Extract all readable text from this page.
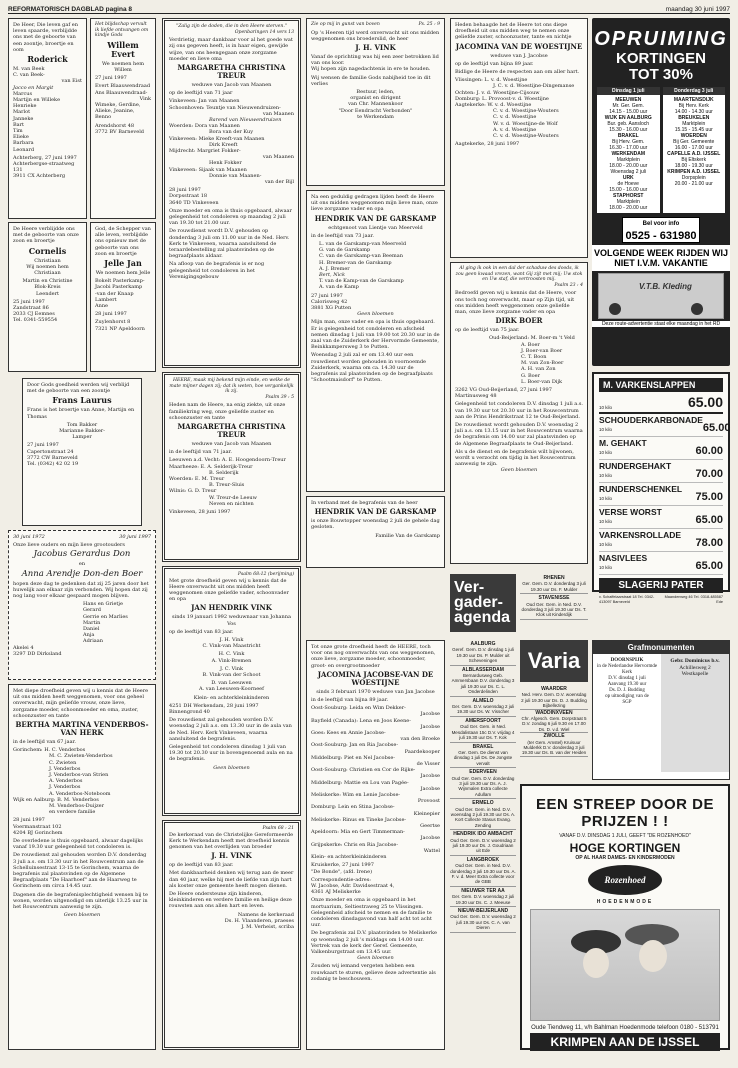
REFORMATORISCH DAGBLAD pagina 8	maandag 30 juni 1997
De Heer, Die leven gaf en leven spaarde, verblijdde ons met de geboorte van een zoontje, broertje en oom
Roderick
M. van Beek
C. van Beek-
van Eist
Jacco en Margit
Marcus
Martijn en Willeke
Henrieke
Marlot
Janneke
Bart
Tim
Elieke
Barbara
Leonard
Achterberg, 27 juni 1997
Achterbergse-straatweg 131
3911 CX Achterberg
Het blijdschap vervult ik liefde ontvangen om kindje Gods
Willem Evert
We noemen hem Willem
27 juni 1997
Evert Blaauwendraad
Ans Blaauwendraad-
Vink
Wimeke, Gerdine,
Alieke, Jeanine,
Benno
Arendshorst 48
3772 BV Barneveld
De Heere verblijdde ons met de geboorte van onze zoon en broertje
Cornelis
Christiaan
Wij noemen hem Christiaan
Martin en Christine
Blok-Kreis
Leendert
25 juni 1997
Zandstraat 86
2033 CJ Eemnes
Tel. 0341-559554
God, de Schepper van alle leven, verblijdde ons opnieuw met de geboorte van ons zoon en broertje
Jelle Jan
We noemen hem Jelle
Bokelt Pasterkamp-
Jacobi Pasterkamp
-van der Knaap
Lambert
Anne
28 juni 1997
Zuylenhorst 8
7321 NP Apeldoorn
Door Gods goedheid werden wij verblijd met de geboorte van een zoontje
Frans Laurus
Frans is het broertje van Anne, Martijn en Thomas
Tom Bakker
Marianne Bakker-
Lamper
27 juni 1997
Capertonstraat 24
3772 CW Barneveld
Tel. (0342) 42 02 19
30 juni 1972	30 juni 1997
Onze lieve ouders en mijn lieve grootouders
Jacobus Gerardus Don
en
Anna Arendje Don-den Boer
hopen deze dag te gedenken dat zij 25 jaren door het huwelijk aan elkaar zijn verbonden. Wij hopen dat zij nog lang voor elkaar gespaard mogen blijven.
Hans en Grietje
Gerard
Gerrie en Marlies
Martin
Daniel
Anja
Adriaan
Akelei 4
3297 DD Dirksland
Met diepe droefheid geven wij u kennis dat de Heere uit ons midden heeft weggenomen, voor ons geheel onverwacht, mijn geliefde vrouw, onze lieve, zorgzame moeder, schoonmoeder en oma, zuster, schoonzuster en tante
BERTHA MARTINA VENDERBOS-VAN HERK
in de leeftijd van 67 jaar.
Gorinchem: H. C. Venderbos
M. C. Zwieten-Venderbos
C. Zwieten
J. Venderbos
J. Venderbos-van Strien
A. Venderbos
J. Venderbos
A. Venderbos-Noteboom
Wijk en Aalburg: B. M. Venderbos
M. Venderbos-Duijzer
en verdere familie
28 juni 1997
Voermanstraat 102
4204 BJ Gorinchem
De overledene is thuis opgebaard, alwaar dagelijks vanaf 19.30 uur gelegenheid tot condoleren is.
De rouwdienst zal gehouden worden D.V. donderdag 3 juli a.s. om 13.30 uur in het Rouwcentrum aan de Schelluinsestraat 13-15 te Gorinchem, waarna de begrafenis zal plaatsvinden op de Algemene Begraafplaats "De Haarhoef" aan de Haarweg te Gorinchem om circa 14.45 uur.
Dagenen die de begrafenisplechtigheid wensen bij te wonen, worden uitgenodigd om uiterlijk 13.25 uur in het Rouwcentrum aanwezig te zijn.
Geen bloemen
"Zalig zijn de doden, die in den Heere sterven."
Openbaringen 14 vers 13
Verdrietig, maar dankbaar voor al het goede wat zij ons gegeven heeft, is in haar eigen, gewijde wijze, van ons heengegaan onze zorgzame moeder en lieve oma
MARGARETHA CHRISTINA TREUR
weduwe van Jacob van Maanen
op de leeftijd van 71 jaar
Vinkeveen: Jan van Maanen
Schoonhoven: Teuntje van Nieuwendruizen-
van Maanen
Barend van Nieuwendruizen
Woerden: Dora van Maanen
Bora van der Kuy
Vinkeveen: Mieke Kreeft-van Maanen
Dirk Kreeft
Mijdrecht: Margriet Fokker-
van Maanen
Henk Fokker
Vinkeveen: Sijaak van Maanen
Donnie van Maanen-
van der Bijl
28 juni 1997
Dorpsstraat 18
3640 TD Vinkeveen
Onze moeder en oma is thuis opgebaard, alwaar gelegenheid tot condoleren op maandag 2 juli van 19.30 tot 21.00 uur.
De rouwdienst wordt D.V. gehouden op donderdag 3 juli om 11.00 uur in de Ned. Herv. Kerk te Vinkeveen, waarna aansluitend de teraardebestelling zal plaatsvinden op de begraafplaats aldaar.
Na afloop van de begrafenis is er nog gelegenheid tot condoleren in het Verenigingsgebouw
HEERE, maak mij bekend mijn einde, en welke de mate mijner dagen zij; dat ik weten, hoe vergankelijk ik zij.
Psalm 39 : 5
Heden nam de Heere, na enig ziekte, uit onze familiekring weg, onze geliefde zuster en schoonzuster en tante
MARGARETHA CHRISTINA TREUR
weduwe van Jacob van Maanen
in de leeftijd van 71 jaar.
Leeuwen a.d. Vecht: A. E. Hoogendoorn-Treur
Maarheeze: E. A. Selderijk-Treur
B. Selderijk
Woerden: E. M. Treur
B. Treur-Sluis
Wilnis: G. D. Treur
W. Treur-de Leeuw
Neven en nichten
Vinkeveen, 28 juni 1997
Psalm 68:12 (berijming)
Met grote droefheid geven wij u kennis dat de Heere onverwacht uit ons midden heeft weggenomen onze geliefde vader, schoonvader en opa
JAN HENDRIK VINK
sinds 19 januari 1992 weduwnaar van Johanna Vos
op de leeftijd van 83 jaar.
J. H. Vink
C. Vink-van Maastricht
H. C. Vink
A. Vink-Bremen
J. C. Vink
B. Vink-van der Schoot
D. van Leeuwen
A. van Leeuwen-Koorneef
Klein- en achterkleinkinderen
4251 DH Werkendam, 28 juni 1997
Binnengrond 40
De rouwdienst zal gehouden worden D.V. woensdag 2 juli a.s. om 13.30 uur in de aula van de Ned. Herv. Kerk Vinkeveen, waarna aansluitend de begrafenis.
Gelegenheid tot condoleren dinsdag 1 juli van 19.30 tot 20.30 uur in bovengenoemd aula en na de begrafenis.
Geen bloemen
Psalm 68 : 21
De kerkeraad van de Christelijke Gereformeerde Kerk te Werkendam heeft met droefheid kennis genomen van het overlijden van broeder
J. H. VINK
op de leeftijd van 83 jaar.
Met dankbaarheid denken wij terug aan de meer dan 40 jaar, welke hij met de liefde van zijn hart als koster onze gemeente heeft mogen dienen.
De Heere ondersteune zijn kinderen, kleinkinderen en verdere familie en heilige deze rouwsten aan ons allen hart en leven.
Namens de kerkeraad
Ds. H. Vlaanderen, praeses
J. M. Verheist, scriba
Zie op mij in gunst van boven	Ps. 25 : 9
Op 's Heeren tijd werd onverwacht uit ons midden weggenomen ons broederslid, de heer
J. H. VINK
Vanaf de oprichting was hij een zeer betrokken lid van ons koor.
Wij hopen zijn nagedachtenis in ere te houden.
Wij wensen de familie Gods nabijheid toe in dit verlies
Bestuur, leden,
organist en dirigent
van Chr. Mannenkoor
"Door Eendracht Verbonden"
te Werkendam
Na een geduldig gedragen lijden heeft de Heere uit ons midden weggenomen mijn lieve man, onze lieve zorgzame vader en opa
HENDRIK VAN DE GARSKAMP
echtgenoot van Lientje van Meerveld
in de leeftijd van 73 jaar.
L. van de Garskamp-van Meerveld
G. van de Garskamp
C. van de Garskamp-van Beeman
H. Bremer-van de Garskamp
A. J. Bremer
Bert, Nick
T. van de Kamp-van de Garskamp
A. van de Kamp
27 juni 1997
Calorisweg 42
3881 XG Putten
Geen bloemen
Mijn man, onze vader en opa is thuis opgebaard. Er is gelegenheid tot condoleren en afscheid nemen dinsdag 1 juli van 19.00 tot 20.30 uur in de zaal van de Zuiderkerk der Hervormde Gemeente, Beinkkampersweg 3 te Putten.
Woensdag 2 juli zal er om 13.40 uur een rouwdienst worden gehouden in voornoemde Zuiderkerk, waarna om ca. 14.30 uur de begrafenis zal plaatsvinden op de begraafplaats "Schootmaisdorf" te Putten.
In verband met de begrafenis van de heer
HENDRIK VAN DE GARSKAMP
is onze Bouwtopper woensdag 2 juli de gehele dag gesloten.
Familie Van de Garskamp
Tot onze grote droefheid heeft de HEERE, toch voor ons nog onverwachts van ons weggenomen, onze lieve, zorgzame moeder, schoonmoeder, groot- en overgrootmoeder
JACOMINA JACOBSE-VAN DE WOESTIJNE
sinds 3 februari 1970 weduwe van Jan Jacobse
in de leeftijd van bijna 89 jaar.
Oost-Souburg: Leida en Wim Dekker-
Jacobse
Bayfield (Canada): Lena en Joos Keene-
Jacobse
Goes: Kees en Annie Jacobse-
van den Broeke
Oost-Souburg: Jan en Ria Jacobse-
Paardekooper
Middelburg: Piet en Nel Jacobse-
de Visser
Oost-Souburg: Christien en Cor de Rijke-
Jacobse
Middelburg: Mattie en Lou van Pagée-
Jacobse
Meliskerke: Wim en Lenie Jacobse-
Provoost
Domburg: Lein en Stina Jacobse-
Kleinepier
Meliskerke: Rinus en Tineke Jacobse-
Geertse
Apeldoorn: Mia en Gert Timmerman-
Jacobse
Grijpskerke: Chris en Ria Jacobse-
Wattel
Klein- en achterkleinkinderen
Kruiskerke, 27 juni 1997
"De Bonde", (afd. Irene)
Correspondentie-adres:
W. Jacobse, Adr. Davidsestraat 4,
4361 AJ Meliskerke
Onze moeder en oma is opgebaard in het mortuarium, Seltiestraweg 25 te Vlissingen. Gelegenheid afscheid te nemen en de familie te condoleren dinsdagavond van half acht tot acht uur.
De begrafenis zal D.V. plaatsvinden te Meliskerke op woensdag 2 juli 's middags om 14.00 uur. Vertrek van de kerk der Geref. Gemeente, Valkenburgstraat om 13.45 uur.
Geen bloemen
Zouden wij iemand vergeten hebben een rouwkaart te sturen, gelieve deze advertentie als zodanig te beschouwen.
Heden behaagde het de Heere tot ons diepe droefheid uit ons midden weg te nemen onze geliefde zuster, schoonzuster, tante en nichtje
JACOMINA VAN DE WOESTIJNE
weduwe van J. Jacobse
op de leeftijd van bijna 89 jaar.
Bidlige de Heere de respecten aan om aller hart.
Vlissingen: L. v. d. Woestijne
J. C. v. d. Woestijne-Dingemanse
Ochten: J. v. d. Woestijne-Cijsouw
Domburg: L. Provoost-v. d. Woestijne
Aagtekerke: W. v. d. Woestijne
C. v. d. Woestijne-Wouters
C. v. d. Woestijne
W. v. d. Woestijne-de Wolf
A. v. d. Woestijne
C. v. d. Woestijne-Wouters
Aagtekerke, 28 juni 1997
Al ging ik ook in een dal der schaduw des doods, ik zou geen kwaad vrezen, want Gij zijt met mij; Uw stok en Uw staf, die vertroosten mij.
Psalm 23 : 4
Bedroefd geven wij u kennis dat de Heere, voor ons toch nog onverwacht, maar op Zijn tijd, uit ons midden heeft weggenomen onze geliefde man, onze lieve zorgzame vader en opa
DIRK BOER
op de leeftijd van 75 jaar.
Oud-Beijerland: M. Boer-m 't Veld
A. Boer
J. Boer-van Boer
C. T. Boon
M. van Zon-Boer
A. H. van Zon
G. Boer
L. Boer-van Dijk
3262 VG Oud-Beijerland, 27 juni 1997
Martinuswеg 48
Gelegenheid tot condoleren D.V. dinsdag 1 juli a.s. van 19.30 uur tot 20.30 uur in het Rouwcentrum aan de Prins Hendrikstraat 12 te Oud-Beijerland.
De rouwdienst wordt gehouden D.V. woensdag 2 juli a.s. om 13.15 uur in het Rouwcentrum waarna de begrafenis om 14.00 uur zal plaatsvinden op de Algemene Begraafplaats te Oud-Beijerland.
Als u de dienst en de begrafenis wilt bijwonen, wordt u verzocht om tijdig in het Rouwcentrum aanwezig te zijn.
Geen bloemen
Ver-
gader-
agenda
RHENEN
Ger. Gem. D.V. donderdag 3 juli 19.30 uur Ds. F. Mulder
STAVENISSE
Oud Ger. Gem. in Ned. D.V. donderdag 3 juli 19.30 uur Ds. T. Klok uit Kinderdijk
AALBURG
Geref. Gem. D.V. dinsdag 1 juli 19.30 uur Ds. P. Mulder uit Scheveningen
ALBLASSERDAM
Bernardusweg Geb. Ammersbaan D.V. donderdag 3 juli 19.30 uur Ds. C. L. Onderdelinden
ALMELO
Ger. Gem. D.V. woensdag 2 juli 19.30 uur Ds. W. Visscher
AMERSFOORT
Oud Ger. Gem. in Ned. Mesdalistaan 15c D.V. vrijdag 4 juli 19.30 uur Ds. T. Kok
BRAKEL
Ger. Gem. De dienst van dinsdag 1 juli Ds. De Jongste vervalt
EDERVEEN
Oud Ger. Gem. D.V. donderdag 3 juli 19.30 uur Ds. A. J. Wijnmalen Extra collecte Adullam
ERMELO
Oud Ger. Gem. in Ned. D.V. woensdag 2 juli 19.30 uur Ds. A. Kort Collecte Stasus Evang. Zending
HENDRIK IDO AMBACHT
Oud Ger. Gem. D.V. woensdag 2 juli 19.30 uur Ds. J. Goudriaan uit Ede
LANGBROEK
Oud Ger. Gem. in Ned. D.V. donderdag 3 juli 19.30 uur Ds. A. F. v. d. Meer Extra collecte voor de GBB
NIEUWER TER AA
Ger. Gem. D.V. woensdag 2 juli 19.30 uur Ds. C. J. Meeuse
NIEUW-BEIJERLAND
Oud Ger. Gem. D.V. woensdag 2 juli 19.30 uur Ds. C. A. van Dieren
Varia
WAARDER
Ned. Herv. Gem. D.V. woensdag 2 juli 19.30 uur Ds. D. J. Budding Bijbellezing
WADDINXVEEN
Chr. Afgesch. Gem. Dorpstraat 5 D.V. zondag 6 juli 9.30 en 17.00 Ds. D. v.d. Wiel
ZWOLLE
(ter Gem. Amstel) Kruisuur Mulderkk D.V. donderdag 3 juli 19.30 uur Ds. B. van der Heiden
OPRUIMING
KORTINGEN
TOT 30%
Dinsdag 1 juli
MEEUWEN
Mr. Ger. Gem.
14.15 - 15.00 uur
WIJK EN AALBURG
Bur. geb. Aansloch
15.30 - 16.00 uur
BRAKEL
Bij Herv. Gem.
16.30 - 17.00 uur
WERKENDAM
Marktplein
18.00 - 20.00 uur
Woensdag 2 juli
URK
de Hoeve
15.00 - 16.00 uur
STAPHORST
Marktplein
18.00 - 20.00 uur
Donderdag 3 juli
MAARTENSDIJK
Bij Herv. Kerk
14.00 - 14.30 uur
BREUKELEN
Marktplein
15.15 - 15.45 uur
WOERDEN
Bij Ger. Gemeente
16.00 - 17.00 uur
CAPELLE A.D. IJSSEL
Bij Eltskerk
18.00 - 19.30 uur
KRIMPEN A.D. IJSSEL
Dorpsplein
20.00 - 21.00 uur
Bel voor info
0525 - 631980
VOLGENDE WEEK RIJDEN WIJ NIET I.V.M. VAKANTIE
V.T.B. Kleding
Deze route-advertentie staat elke maandag in het RD
M. VARKENSLAPPEN
10 kilo	65.00
SCHOUDERKARBONADE
10 kilo	65.00
M. GEHAKT
10 kilo	60.00
RUNDERGEHAKT
10 kilo	70.00
RUNDERSCHENKEL
10 kilo	75.00
VERSE WORST
10 kilo	65.00
VARKENSROLLADE
10 kilo	78.00
NASIVLEES
10 kilo	65.00
SLAGERIJ PATER
v. Schaffelaarstraat 18 Tel. 0342-413097 Barneveld
Maandenweg 46 Tel. 0318-485587 Ede
Grafmonumenten
DOORNSPIJK
in de Nederlandse Hervormde Kerk
D.V. dinsdag 1 juli
Aanvang 19.30 uur
Ds. D. J. Budding
op uitnodiging van de
SGP
Gebr. Dominicus b.v.
Achillesweg 2
Westkapelle
EEN STREEP DOOR DE PRIJZEN ! !
VANAF D.V. DINSDAG 1 JULI, GEEFT "DE ROZENHOED"
HOGE KORTINGEN
OP AL HAAR DAMES- EN KINDERMODEN
Rozenhoed
HOEDENMODE
Oude Tiendweg 11, v/h Bahlman Hoedenmode telefoon 0180 - 513791
KRIMPEN AAN DE IJSSEL
